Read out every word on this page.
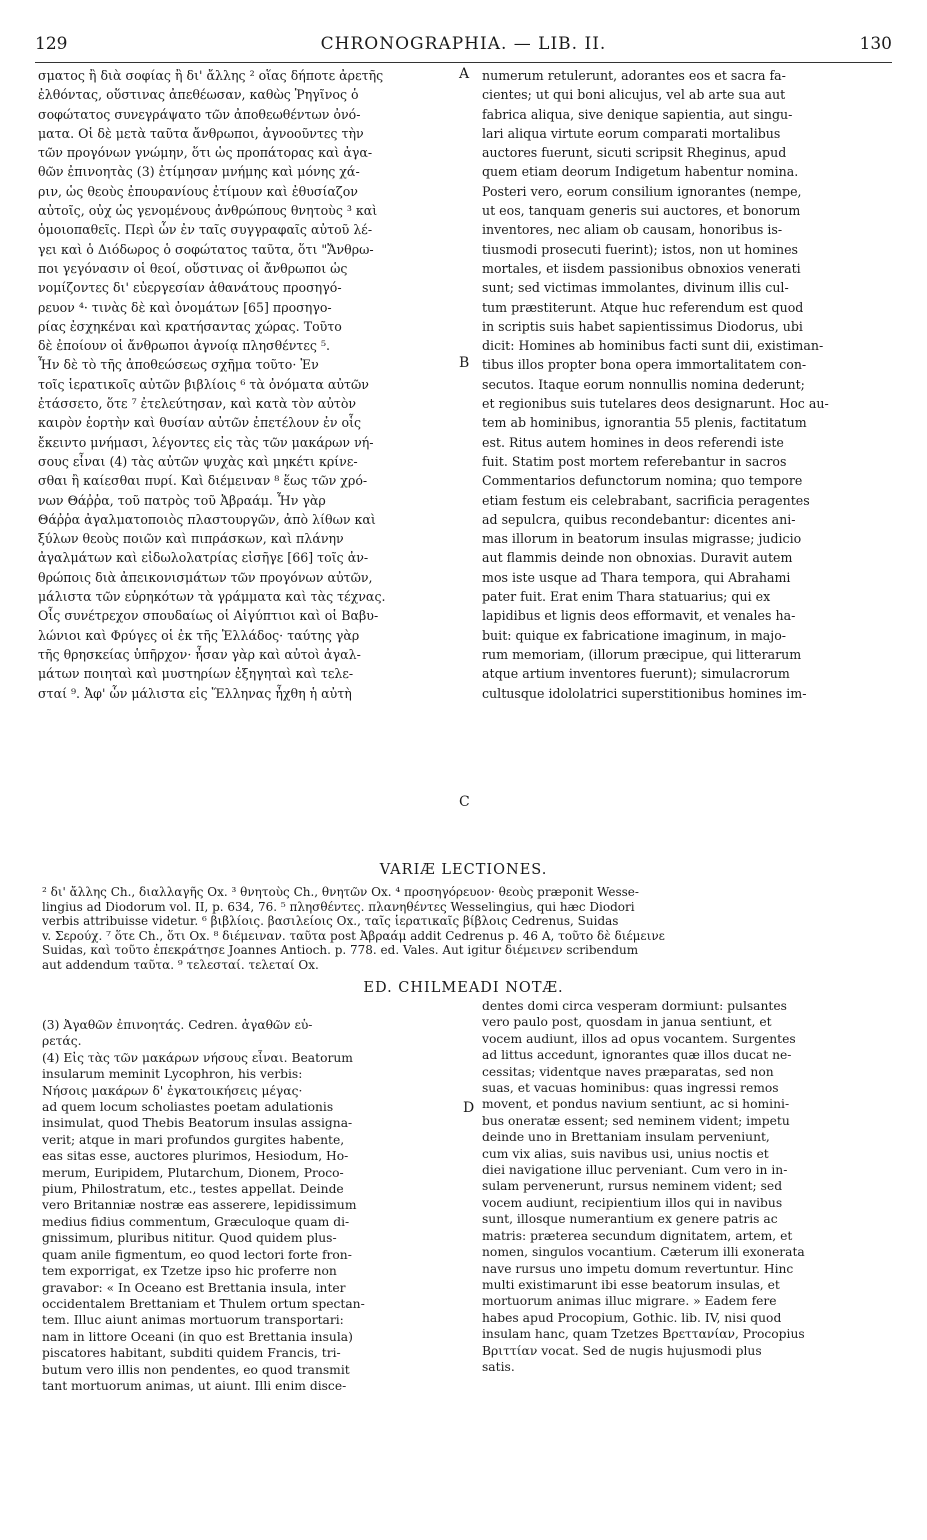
129	CHRONOGRAPHIA. — LIB. II.	130
σματος ἢ διὰ σοφίας ἢ δι' ἄλλης ² οἵας δήποτε ἀρετῆς
ἐλθόντας, οὕστινας ἀπεθέωσαν, καθὼς Ῥηγῖνος ὁ
σοφώτατος συνεγράψατο τῶν ἀποθεωθέντων ὀνό-
ματα. Οἱ δὲ μετὰ ταῦτα ἄνθρωποι, ἀγνοοῦντες τὴν
τῶν προγόνων γνώμην, ὅτι ὡς προπάτορας καὶ ἀγα-
θῶν ἐπινοητὰς (3) ἐτίμησαν μνήμης καὶ μόνης χά-
ριν, ὡς θεοὺς ἐπουρανίους ἐτίμουν καὶ ἐθυσίαζον
αὐτοῖς, οὐχ ὡς γενομένους ἀνθρώπους θνητοὺς ³ καὶ
ὁμοιοπαθεῖς. Περὶ ὧν ἐν ταῖς συγγραφαῖς αὐτοῦ λέ-
γει καὶ ὁ Διόδωρος ὁ σοφώτατος ταῦτα, ὅτι "Ἄνθρω-
ποι γεγόνασιν οἱ θεοί, οὕστινας οἱ ἄνθρωποι ὡς
νομίζοντες δι' εὐεργεσίαν ἀθανάτους προσηγό-
ρευον ⁴· τινὰς δὲ καὶ ὀνομάτων [65] προσηγο-
ρίας ἐσχηκέναι καὶ κρατήσαντας χώρας. Τοῦτο
δὲ ἐποίουν οἱ ἄνθρωποι ἀγνοίᾳ πλησθέντες ⁵.
Ἦν δὲ τὸ τῆς ἀποθεώσεως σχῆμα τοῦτο· Ἐν
τοῖς ἱερατικοῖς αὐτῶν βιβλίοις ⁶ τὰ ὀνόματα αὐτῶν
ἐτάσσετο, ὅτε ⁷ ἐτελεύτησαν, καὶ κατὰ τὸν αὐτὸν
καιρὸν ἑορτὴν καὶ θυσίαν αὐτῶν ἐπετέλουν ἐν οἷς
ἔκειντο μνήμασι, λέγοντες εἰς τὰς τῶν μακάρων νή-
σους εἶναι (4) τὰς αὐτῶν ψυχὰς καὶ μηκέτι κρίνε-
σθαι ἢ καίεσθαι πυρί. Καὶ διέμειναν ⁸ ἕως τῶν χρό-
νων Θάῤῥα, τοῦ πατρὸς τοῦ Ἀβραάμ. Ἦν γὰρ
Θάῤῥα ἀγαλματοποιὸς πλαστουργῶν, ἀπὸ λίθων καὶ
ξύλων θεοὺς ποιῶν καὶ πιπράσκων, καὶ πλάνην
ἀγαλμάτων καὶ εἰδωλολατρίας εἰσῆγε [66] τοῖς ἀν-
θρώποις διὰ ἀπεικονισμάτων τῶν προγόνων αὐτῶν,
μάλιστα τῶν εὑρηκότων τὰ γράμματα καὶ τὰς τέχνας.
Οἷς συνέτρεχον σπουδαίως οἱ Αἰγύπτιοι καὶ οἱ Βαβυ-
λώνιοι καὶ Φρύγες οἱ ἐκ τῆς Ἑλλάδος· ταύτης γὰρ
τῆς θρησκείας ὑπῆρχον· ἦσαν γὰρ καὶ αὐτοὶ ἀγαλ-
μάτων ποιηταὶ καὶ μυστηρίων ἐξηγηταὶ καὶ τελε-
σταί ⁹. Ἀφ' ὧν μάλιστα εἰς Ἕλληνας ἦχθη ἡ αὐτὴ
numerum retulerunt, adorantes eos et sacra fa-
cientes; ut qui boni alicujus, vel ab arte sua aut
fabrica aliqua, sive denique sapientia, aut singu-
lari aliqua virtute eorum comparati mortalibus
auctores fuerunt, sicuti scripsit Rheginus, apud
quem etiam deorum Indigetum habentur nomina.
Posteri vero, eorum consilium ignorantes (nempe,
ut eos, tanquam generis sui auctores, et bonorum
inventores, nec aliam ob causam, honoribus is-
tiusmodi prosecuti fuerint); istos, non ut homines
mortales, et iisdem passionibus obnoxios venerati
sunt; sed victimas immolantes, divinum illis cul-
tum præstiterunt. Atque huc referendum est quod
in scriptis suis habet sapientissimus Diodorus, ubi
dicit: Homines ab hominibus facti sunt dii, existiman-
tibus illos propter bona opera immortalitatem con-
secutos. Itaque eorum nonnullis nomina dederunt;
et regionibus suis tutelares deos designarunt. Hoc au-
tem ab hominibus, ignorantia 55 plenis, factitatum
est. Ritus autem homines in deos referendi iste
fuit. Statim post mortem referebantur in sacros
Commentarios defunctorum nomina; quo tempore
etiam festum eis celebrabant, sacrificia peragentes
ad sepulcra, quibus recondebantur: dicentes ani-
mas illorum in beatorum insulas migrasse; judicio
aut flammis deinde non obnoxias. Duravit autem
mos iste usque ad Thara tempora, qui Abrahami
pater fuit. Erat enim Thara statuarius; qui ex
lapidibus et lignis deos efformavit, et venales ha-
buit: quique ex fabricatione imaginum, in majo-
rum memoriam, (illorum præcipue, qui litterarum
atque artium inventores fuerunt); simulacrorum
cultusque idololatrici superstitionibus homines im-
A
B
C
D
VARIÆ LECTIONES.
² δι' ἄλλης Ch., διαλλαγῆς Ox. ³ θνητοὺς Ch., θνητῶν Ox. ⁴ προσηγόρευον· θεοὺς præponit Wesse-
lingius ad Diodorum vol. II, p. 634, 76. ⁵ πλησθέντες. πλανηθέντες Wesselingius, qui hæc Diodori
verbis attribuisse videtur. ⁶ βιβλίοις. βασιλείοις Ox., ταῖς ἱερατικαῖς βίβλοις Cedrenus, Suidas
v. Σερούχ. ⁷ ὅτε Ch., ὅτι Ox. ⁸ διέμειναν. ταῦτα post Ἀβραάμ addit Cedrenus p. 46 A, τοῦτο δὲ διέμεινε
Suidas, καὶ τοῦτο ἐπεκράτησε Joannes Antioch. p. 778. ed. Vales. Aut igitur διέμεινεν scribendum
aut addendum ταῦτα. ⁹ τελεσταί. τελεταί Ox.
ED. CHILMEADI NOTÆ.
(3) Ἀγαθῶν ἐπινοητάς. Cedren. ἀγαθῶν εὑ-
ρετάς.
(4) Εἰς τὰς τῶν μακάρων νήσους εἶναι. Beatorum
insularum meminit Lycophron, his verbis:
Νήσοις μακάρων δ' ἐγκατοικήσεις μέγας·
ad quem locum scholiastes poetam adulationis
insimulat, quod Thebis Beatorum insulas assigna-
verit; atque in mari profundos gurgites habente,
eas sitas esse, auctores plurimos, Hesiodum, Ho-
merum, Euripidem, Plutarchum, Dionem, Proco-
pium, Philostratum, etc., testes appellat. Deinde
vero Britanniæ nostræ eas asserere, lepidissimum
medius fidius commentum, Græculoque quam di-
gnissimum, pluribus nititur. Quod quidem plus-
quam anile figmentum, eo quod lectori forte fron-
tem exporrigat, ex Tzetze ipso hic proferre non
gravabor: « In Oceano est Brettania insula, inter
occidentalem Brettaniam et Thulem ortum spectan-
tem. Illuc aiunt animas mortuorum transportari:
nam in littore Oceani (in quo est Brettania insula)
piscatores habitant, subditi quidem Francis, tri-
butum vero illis non pendentes, eo quod transmit
tant mortuorum animas, ut aiunt. Illi enim disce-
dentes domi circa vesperam dormiunt: pulsantes
vero paulo post, quosdam in janua sentiunt, et
vocem audiunt, illos ad opus vocantem. Surgentes
ad littus accedunt, ignorantes quæ illos ducat ne-
cessitas; videntque naves præparatas, sed non
suas, et vacuas hominibus: quas ingressi remos
movent, et pondus navium sentiunt, ac si homini-
bus oneratæ essent; sed neminem vident; impetu
deinde uno in Brettaniam insulam perveniunt,
cum vix alias, suis navibus usi, unius noctis et
diei navigatione illuc perveniant. Cum vero in in-
sulam pervenerunt, rursus neminem vident; sed
vocem audiunt, recipientium illos qui in navibus
sunt, illosque numerantium ex genere patris ac
matris: præterea secundum dignitatem, artem, et
nomen, singulos vocantium. Cæterum illi exonerata
nave rursus uno impetu domum revertuntur. Hinc
multi existimarunt ibi esse beatorum insulas, et
mortuorum animas illuc migrare. » Eadem fere
habes apud Procopium, Gothic. lib. IV, nisi quod
insulam hanc, quam Tzetzes Βρεττανίαν, Procopius
Βριττίαν vocat. Sed de nugis hujusmodi plus
satis.
